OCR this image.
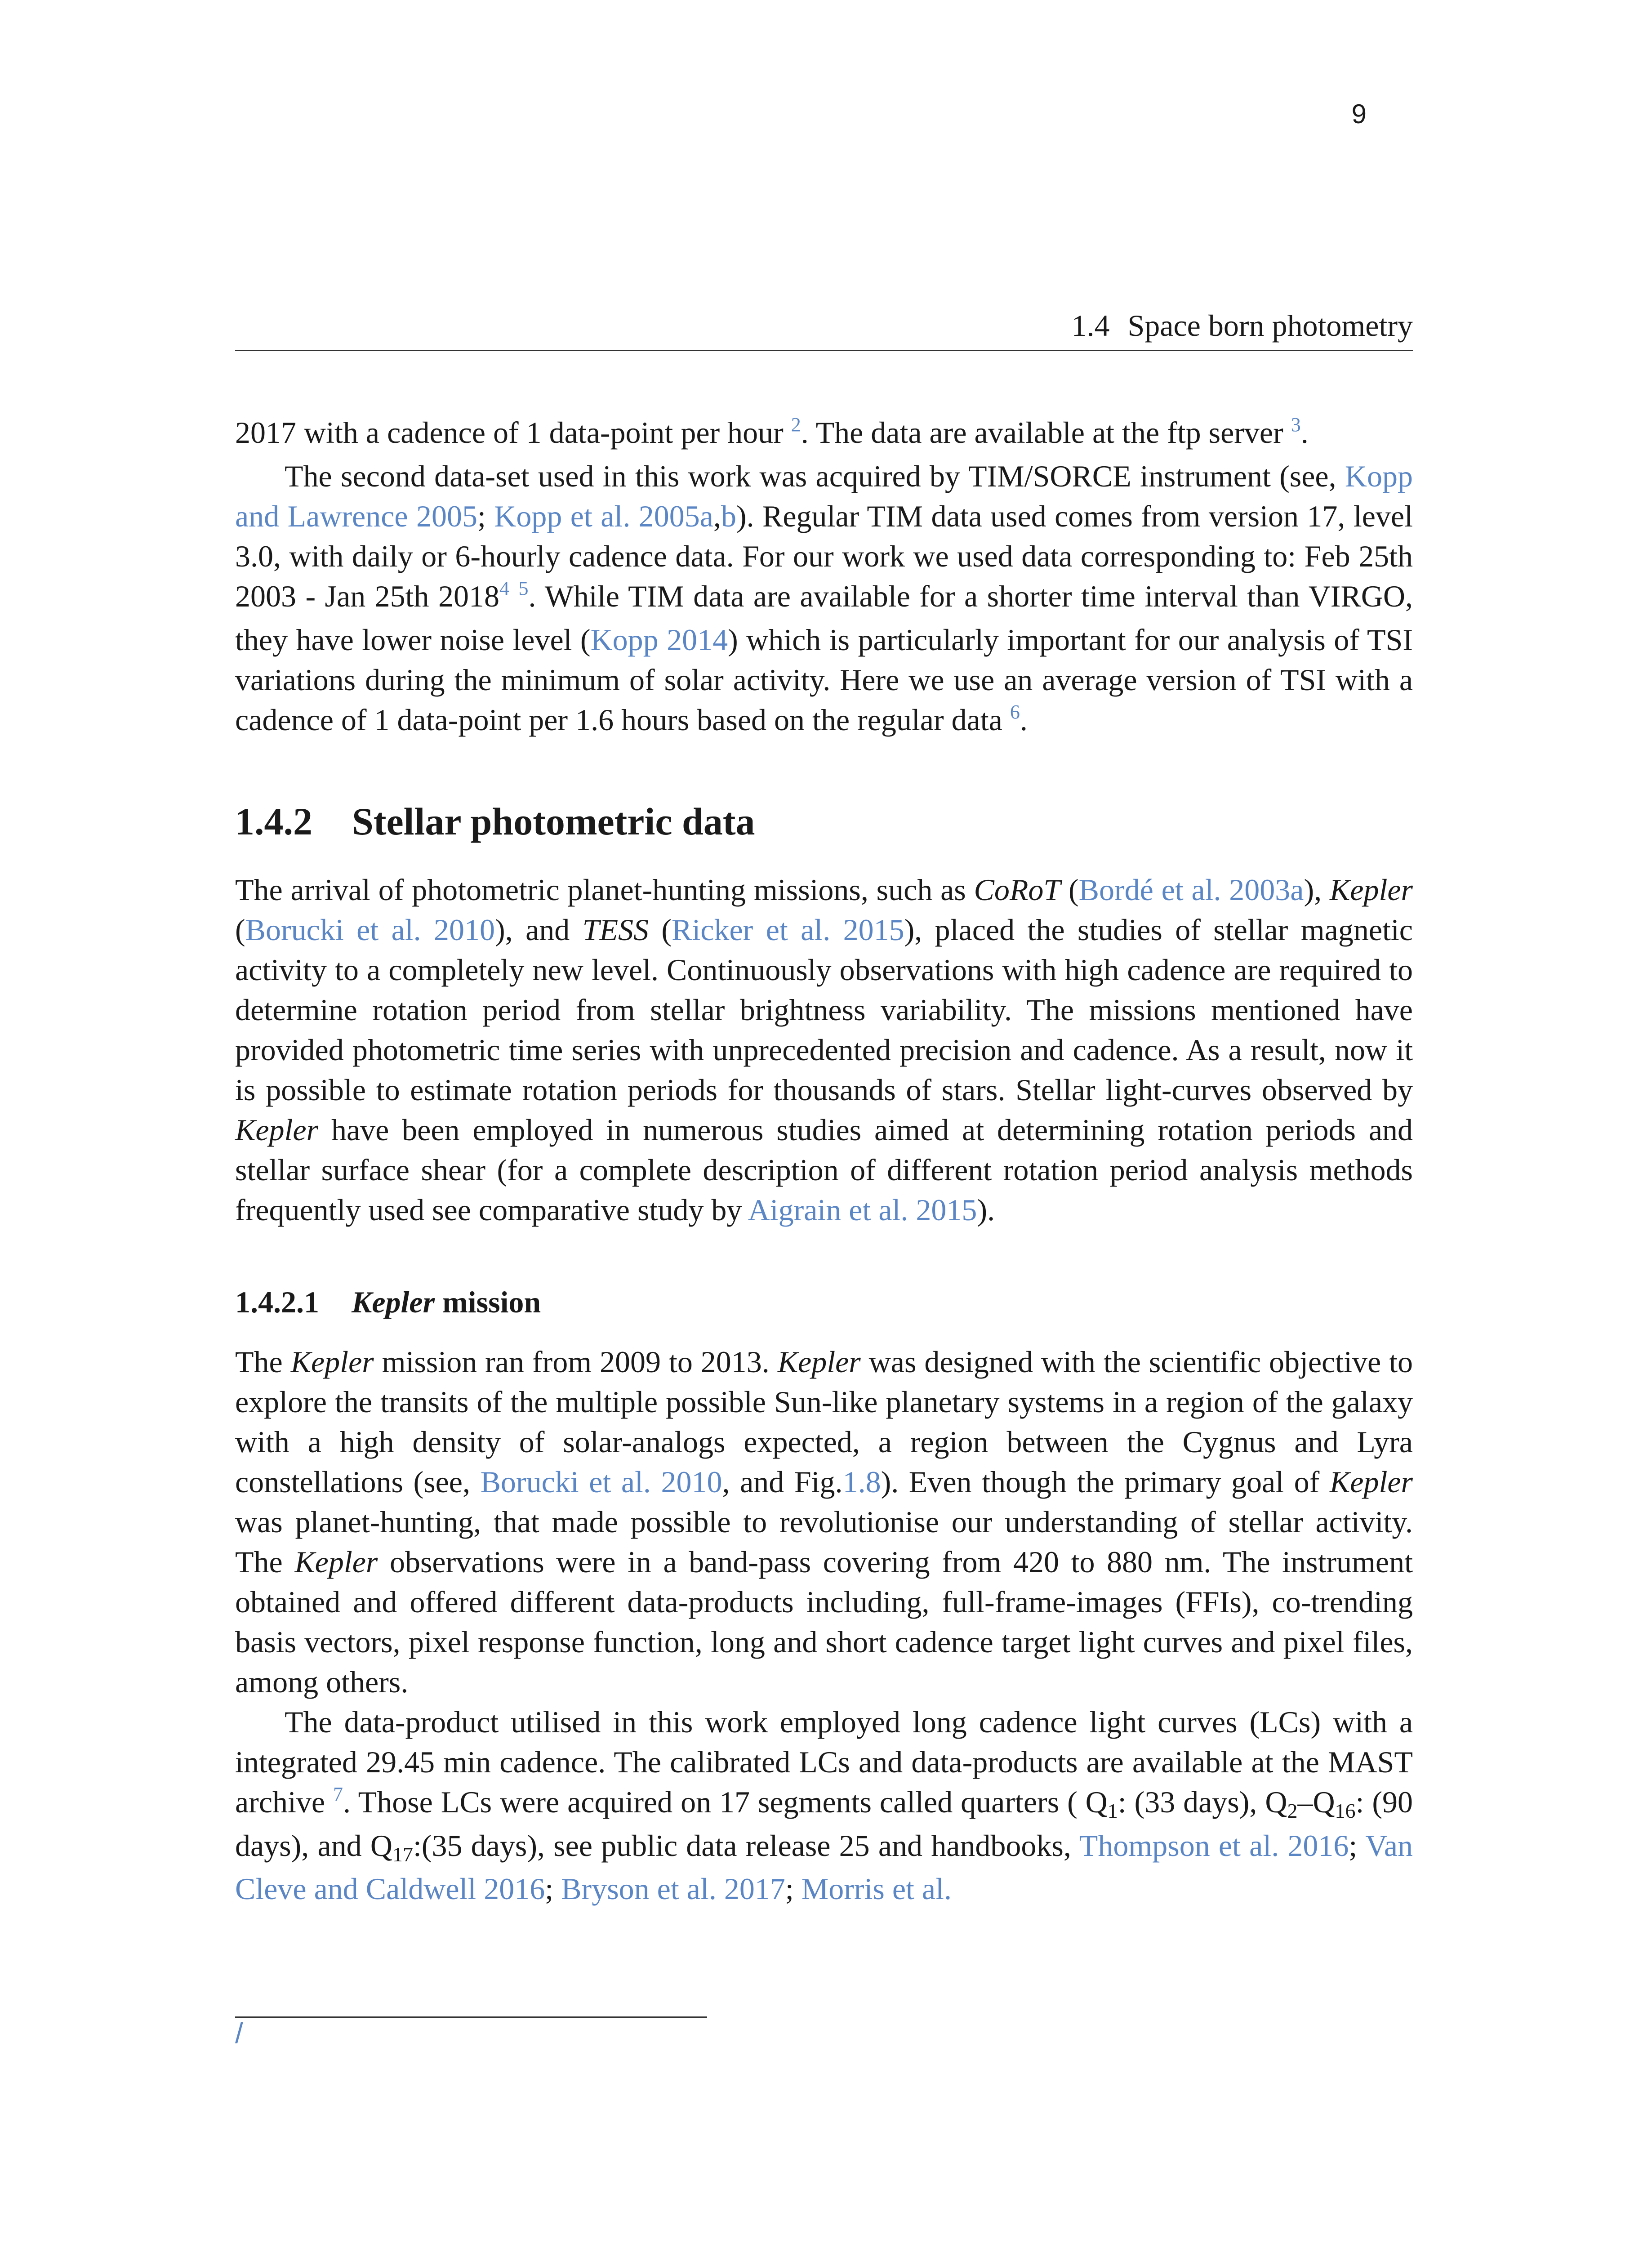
9
1.4 Space born photometry

2017 with a cadence of 1 data-point per hour $^2$. The data are available at the ftp server $^3$.

The second data-set used in this work was acquired by TIM/SORCE instrument (see, Kopp and Lawrence 2005; Kopp et al. 2005a,b). Regular TIM data used comes from version 17, level 3.0, with daily or 6-hourly cadence data. For our work we used data corresponding to: Feb 25th 2003 - Jan 25th 2018$^4$ $^5$. While TIM data are available for a shorter time interval than VIRGO, they have lower noise level (Kopp 2014) which is particularly important for our analysis of TSI variations during the minimum of solar activity. Here we use an average version of TSI with a cadence of 1 data-point per 1.6 hours based on the regular data $^6$.

1.4.2 Stellar photometric data

The arrival of photometric planet-hunting missions, such as CoRoT (Bordé et al. 2003a), Kepler (Borucki et al. 2010), and TESS (Ricker et al. 2015), placed the studies of stellar magnetic activity to a completely new level. Continuously observations with high cadence are required to determine rotation period from stellar brightness variability. The missions mentioned have provided photometric time series with unprecedented precision and cadence. As a result, now it is possible to estimate rotation periods for thousands of stars. Stellar light-curves observed by Kepler have been employed in numerous studies aimed at determining rotation periods and stellar surface shear (for a complete description of different rotation period analysis methods frequently used see comparative study by Aigrain et al. 2015).

1.4.2.1 Kepler mission

The Kepler mission ran from 2009 to 2013. Kepler was designed with the scientific objective to explore the transits of the multiple possible Sun-like planetary systems in a region of the galaxy with a high density of solar-analogs expected, a region between the Cygnus and Lyra constellations (see, Borucki et al. 2010, and Fig.1.8). Even though the primary goal of Kepler was planet-hunting, that made possible to revolutionise our understanding of stellar activity. The Kepler observations were in a band-pass covering from 420 to 880 nm. The instrument obtained and offered different data-products including, full-frame-images (FFIs), co-trending basis vectors, pixel response function, long and short cadence target light curves and pixel files, among others.

The data-product utilised in this work employed long cadence light curves (LCs) with a integrated 29.45 min cadence. The calibrated LCs and data-products are available at the MAST archive $^7$. Those LCs were acquired on 17 segments called quarters ( $Q_1$: (33 days), $Q_2-Q_{16}$: (90 days), and $Q_{17}:(35$ days), see public data release 25 and handbooks, Thompson et al. 2016; Van Cleve and Caldwell 2016; Bryson et al. 2017; Morris et al.

/
